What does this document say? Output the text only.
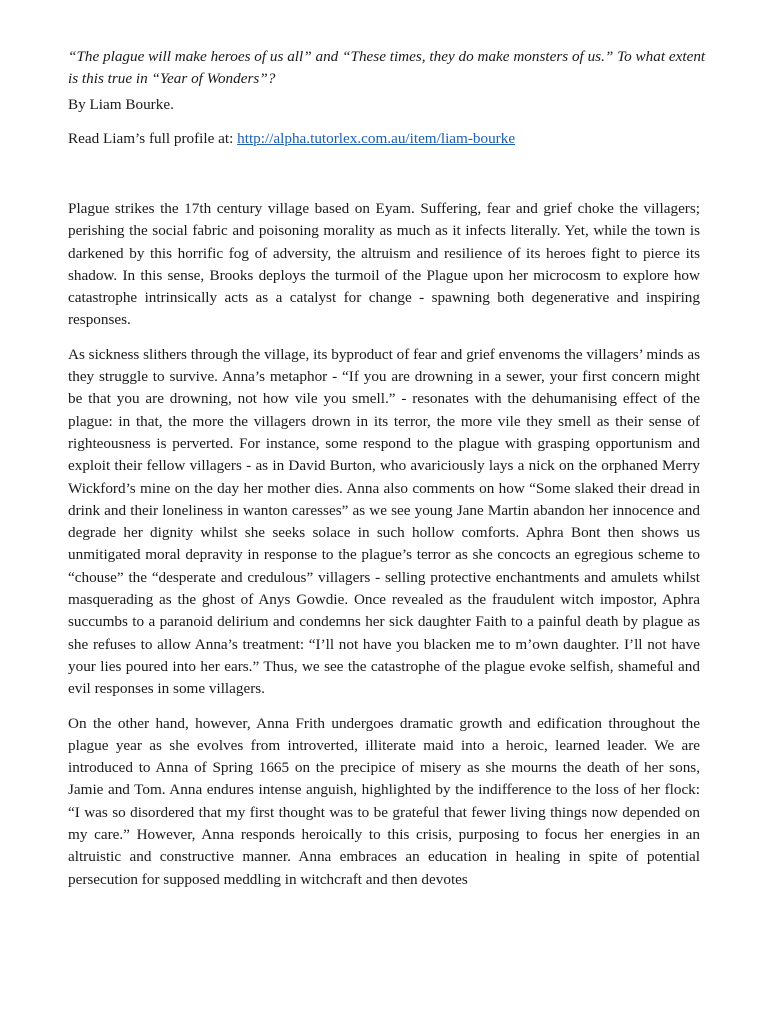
“The plague will make heroes of us all” and “These times, they do make monsters of us.” To what extent is this true in “Year of Wonders”?
By Liam Bourke.
Read Liam’s full profile at: http://alpha.tutorlex.com.au/item/liam-bourke

Plague strikes the 17th century village based on Eyam. Suffering, fear and grief choke the villagers; perishing the social fabric and poisoning morality as much as it infects literally. Yet, while the town is darkened by this horrific fog of adversity, the altruism and resilience of its heroes fight to pierce its shadow. In this sense, Brooks deploys the turmoil of the Plague upon her microcosm to explore how catastrophe intrinsically acts as a catalyst for change - spawning both degenerative and inspiring responses.

As sickness slithers through the village, its byproduct of fear and grief envenoms the villagers’ minds as they struggle to survive. Anna’s metaphor - “If you are drowning in a sewer, your first concern might be that you are drowning, not how vile you smell.” - resonates with the dehumanising effect of the plague: in that, the more the villagers drown in its terror, the more vile they smell as their sense of righteousness is perverted. For instance, some respond to the plague with grasping opportunism and exploit their fellow villagers - as in David Burton, who avariciously lays a nick on the orphaned Merry Wickford’s mine on the day her mother dies. Anna also comments on how “Some slaked their dread in drink and their loneliness in wanton caresses” as we see young Jane Martin abandon her innocence and degrade her dignity whilst she seeks solace in such hollow comforts. Aphra Bont then shows us unmitigated moral depravity in response to the plague’s terror as she concocts an egregious scheme to “chouse” the “desperate and credulous” villagers - selling protective enchantments and amulets whilst masquerading as the ghost of Anys Gowdie. Once revealed as the fraudulent witch impostor, Aphra succumbs to a paranoid delirium and condemns her sick daughter Faith to a painful death by plague as she refuses to allow Anna’s treatment: “I’ll not have you blacken me to m’own daughter. I’ll not have your lies poured into her ears.” Thus, we see the catastrophe of the plague evoke selfish, shameful and evil responses in some villagers.

On the other hand, however, Anna Frith undergoes dramatic growth and edification throughout the plague year as she evolves from introverted, illiterate maid into a heroic, learned leader. We are introduced to Anna of Spring 1665 on the precipice of misery as she mourns the death of her sons, Jamie and Tom. Anna endures intense anguish, highlighted by the indifference to the loss of her flock: “I was so disordered that my first thought was to be grateful that fewer living things now depended on my care.” However, Anna responds heroically to this crisis, purposing to focus her energies in an altruistic and constructive manner. Anna embraces an education in healing in spite of potential persecution for supposed meddling in witchcraft and then devotes
